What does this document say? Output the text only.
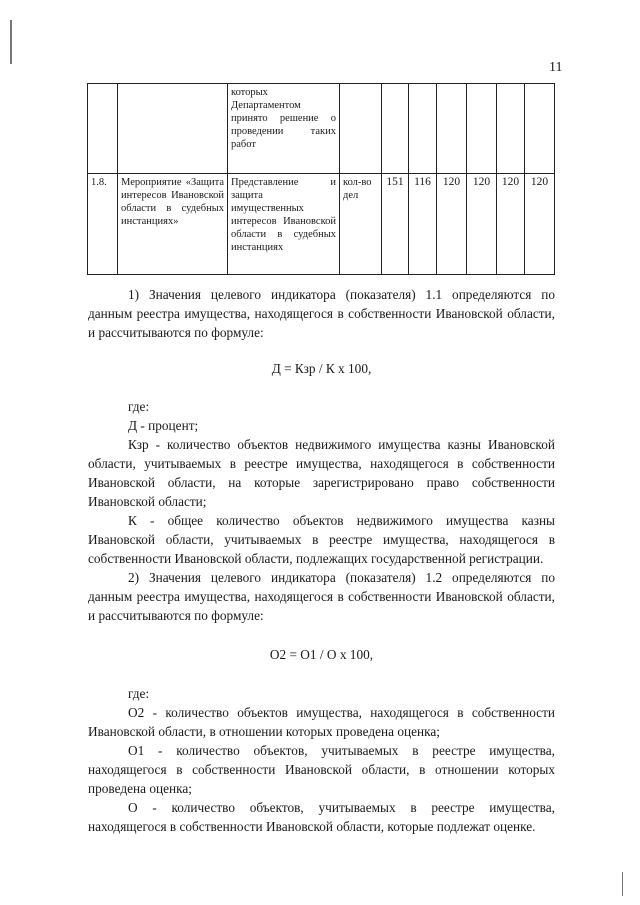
11
		которых Департаментом принято решение о проведении таких работ							
1.8.	Мероприятие «Защита интересов Ивановской области в судебных инстанциях»	Представление и защита имущественных интересов Ивановской области в судебных инстанциях	кол-во дел	151	116	120	120	120	120

1) Значения целевого индикатора (показателя) 1.1 определяются по данным реестра имущества, находящегося в собственности Ивановской области, и рассчитываются по формуле:

Д = Кзр / К х 100,

где:

Д - процент;

Кзр - количество объектов недвижимого имущества казны Ивановской области, учитываемых в реестре имущества, находящегося в собственности Ивановской области, на которые зарегистрировано право собственности Ивановской области;

К - общее количество объектов недвижимого имущества казны Ивановской области, учитываемых в реестре имущества, находящегося в собственности Ивановской области, подлежащих государственной регистрации.

2) Значения целевого индикатора (показателя) 1.2 определяются по данным реестра имущества, находящегося в собственности Ивановской области, и рассчитываются по формуле:

О2 = О1 / О х 100,

где:

О2 - количество объектов имущества, находящегося в собственности Ивановской области, в отношении которых проведена оценка;

О1 - количество объектов, учитываемых в реестре имущества, находящегося в собственности Ивановской области, в отношении которых проведена оценка;

О - количество объектов, учитываемых в реестре имущества, находящегося в собственности Ивановской области, которые подлежат оценке.
